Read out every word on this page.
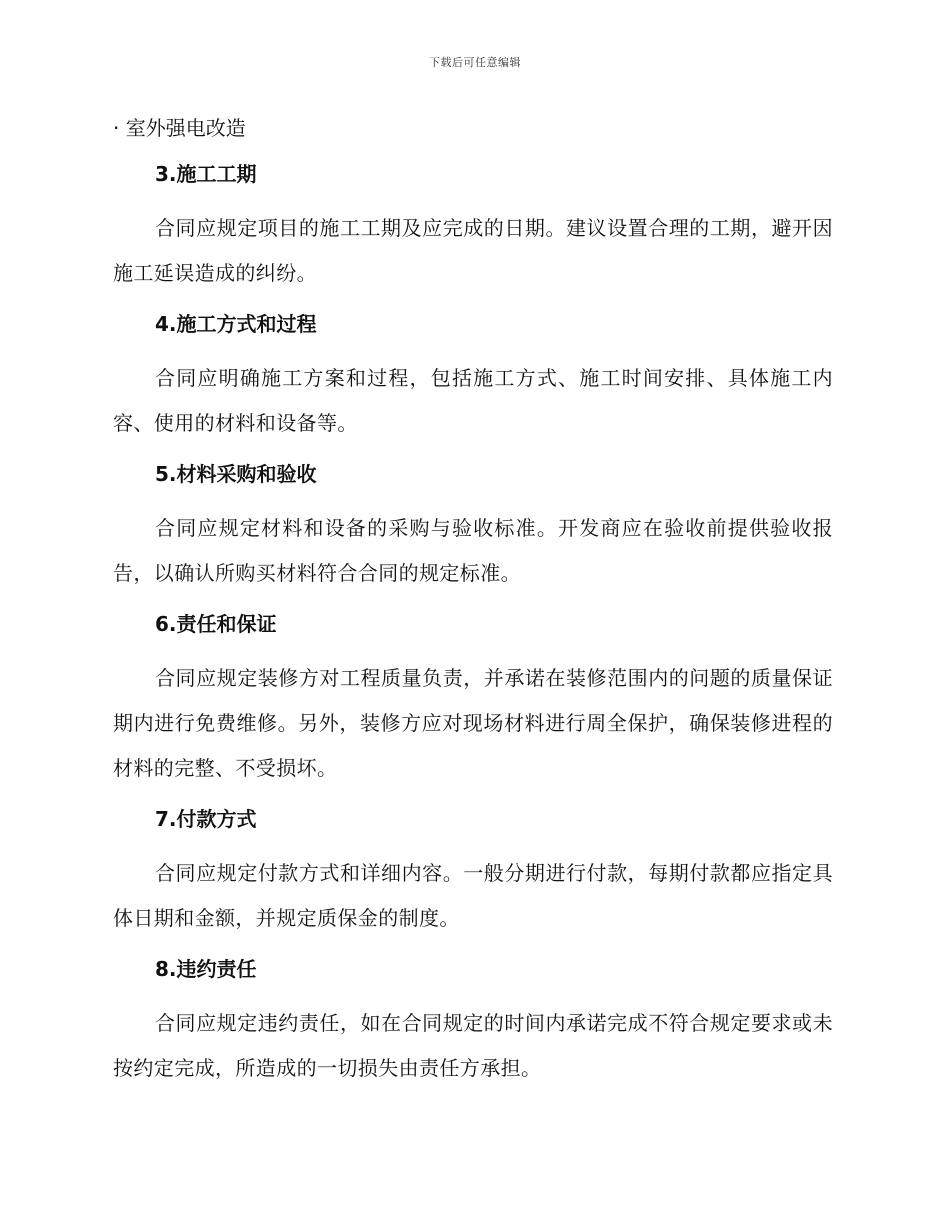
下载后可任意编辑

· 室外强电改造

3.施工工期

合同应规定项目的施工工期及应完成的日期。建议设置合理的工期，避开因施工延误造成的纠纷。

4.施工方式和过程

合同应明确施工方案和过程，包括施工方式、施工时间安排、具体施工内容、使用的材料和设备等。

5.材料采购和验收

合同应规定材料和设备的采购与验收标准。开发商应在验收前提供验收报告，以确认所购买材料符合合同的规定标准。

6.责任和保证

合同应规定装修方对工程质量负责，并承诺在装修范围内的问题的质量保证期内进行免费维修。另外，装修方应对现场材料进行周全保护，确保装修进程的材料的完整、不受损坏。

7.付款方式

合同应规定付款方式和详细内容。一般分期进行付款，每期付款都应指定具体日期和金额，并规定质保金的制度。

8.违约责任

合同应规定违约责任，如在合同规定的时间内承诺完成不符合规定要求或未按约定完成，所造成的一切损失由责任方承担。
